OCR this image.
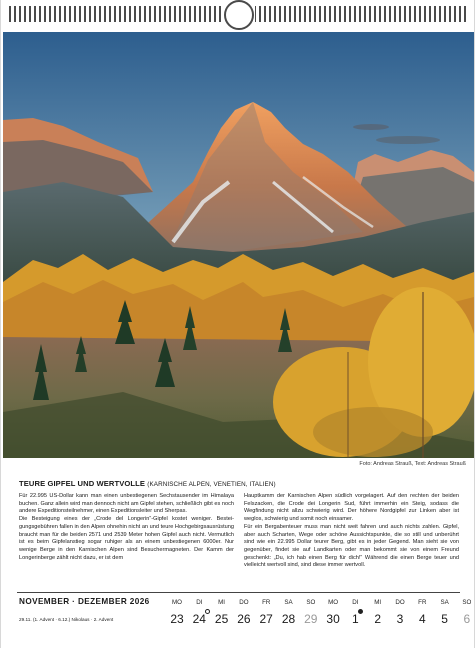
Foto: Andreas Strauß, Text: Andreas Strauß
TEURE GIPFEL UND WERTVOLLE (KARNISCHE ALPEN, VENETIEN, ITALIEN)

Für 22.995 US-Dollar kann man einen unbestiegenen Sechstausender im Himalaya buchen. Ganz allein wird man dennoch nicht am Gipfel stehen, schließlich gibt es noch andere Expeditionsteilnehmer, einen Expeditionsleiter und Sherpas.

Die Besteigung eines der „Crode del Longerin“-Gipfel kostet weniger. Besteigungsgebühren fallen in den Alpen ohnehin nicht an und teure Hochgebirgsausrüstung braucht man für die beiden 2571 und 2539 Meter hohen Gipfel auch nicht. Vermutlich ist es beim Gipfelanstieg sogar ruhiger als an einem unbestiegenen 6000er. Nur wenige Berge in den Karnischen Alpen sind Besuchermagneten. Der Kamm der Longerinberge zählt nicht dazu, er ist dem

Hauptkamm der Karnischen Alpen südlich vorgelagert. Auf den rechten der beiden Felszacken, die Crode dei Longerin Sud, führt immerhin ein Steig, sodass die Wegfindung nicht allzu schwierig wird. Der höhere Nordgipfel zur Linken aber ist weglos, schwierig und somit noch einsamer.

Für ein Bergabenteuer muss man nicht weit fahren und auch nichts zahlen. Gipfel, aber auch Scharten, Wege oder schöne Aussichtspunkte, die so still und unberührt sind wie ein 22.995 Dollar teurer Berg, gibt es in jeder Gegend. Man sieht sie von gegenüber, findet sie auf Landkarten oder man bekommt sie von einem Freund geschenkt: „Du, ich hab einen Berg für dich!“ Während die einen Berge teuer und vielleicht wertvoll sind, sind diese immer wertvoll.

NOVEMBER · DEZEMBER 2026
29.11. (1. Advent · 6.12.) Nikolaus · 2. Advent
MO
23
DI
24
MI
25
DO
26
FR
27
SA
28
SO
29
MO
30
DI
1
MI
2
DO
3
FR
4
SA
5
SO
6
